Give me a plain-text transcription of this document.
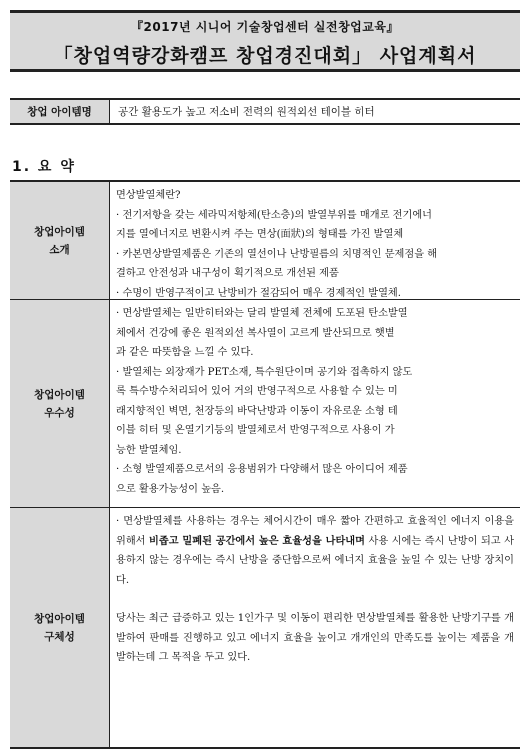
『2017년 시니어 기술창업센터 실전창업교육』
「창업역량강화캠프 창업경진대회」 사업계획서
창업 아이템명	공간 활용도가 높고 저소비 전력의 원적외선 테이블 히터
1. 요 약
창업아이템
소개

면상발열체란?

· 전기저항을 갖는 세라믹저항체(탄소층)의 발열부위를 매개로 전기에너

지를 열에너지로 변환시켜 주는 면상(面狀)의 형태를 가진 발열체

· 카본면상발열제품은 기존의 열선이나 난방필름의 치명적인 문제점을 해

결하고 안전성과 내구성이 획기적으로 개선된 제품

· 수명이 반영구적이고 난방비가 절감되어 매우 경제적인 발열체.

창업아이템
우수성

· 면상발열체는 일반히터와는 달리 발열체 전체에 도포된 탄소발열

체에서 건강에 좋은 원적외선 복사열이 고르게 발산되므로 햇볕

과 같은 따뜻함을 느낄 수 있다.

· 발열체는 외장재가 PET소재, 특수원단이며 공기와 접촉하지 않도

록 특수방수처리되어 있어 거의 반영구적으로 사용할 수 있는 미

래지향적인 벽면, 천장등의 바닥난방과 이동이 자유로운 소형 테

이블 히터 및 온열기기등의 발열체로서 반영구적으로 사용이 가

능한 발열체임.

· 소형 발열제품으로서의 응용범위가 다양해서 많은 아이디어 제품

으로 활용가능성이 높음.

창업아이템
구체성

· 면상발열체를 사용하는 경우는 체어시간이 매우 짧아 간편하고 효율적인 에너지 이용을 위해서 비좁고 밀폐된 공간에서 높은 효율성을 나타내며 사용 시에는 즉시 난방이 되고 사용하지 않는 경우에는 즉시 난방을 중단함으로써 에너지 효율을 높일 수 있는 난방 장치이다.

당사는 최근 급증하고 있는 1인가구 및 이동이 편리한 면상발열체를 활용한 난방기구를 개발하여 판매를 진행하고 있고 에너지 효율을 높이고 개개인의 만족도를 높이는 제품을 개발하는데 그 목적을 두고 있다.
